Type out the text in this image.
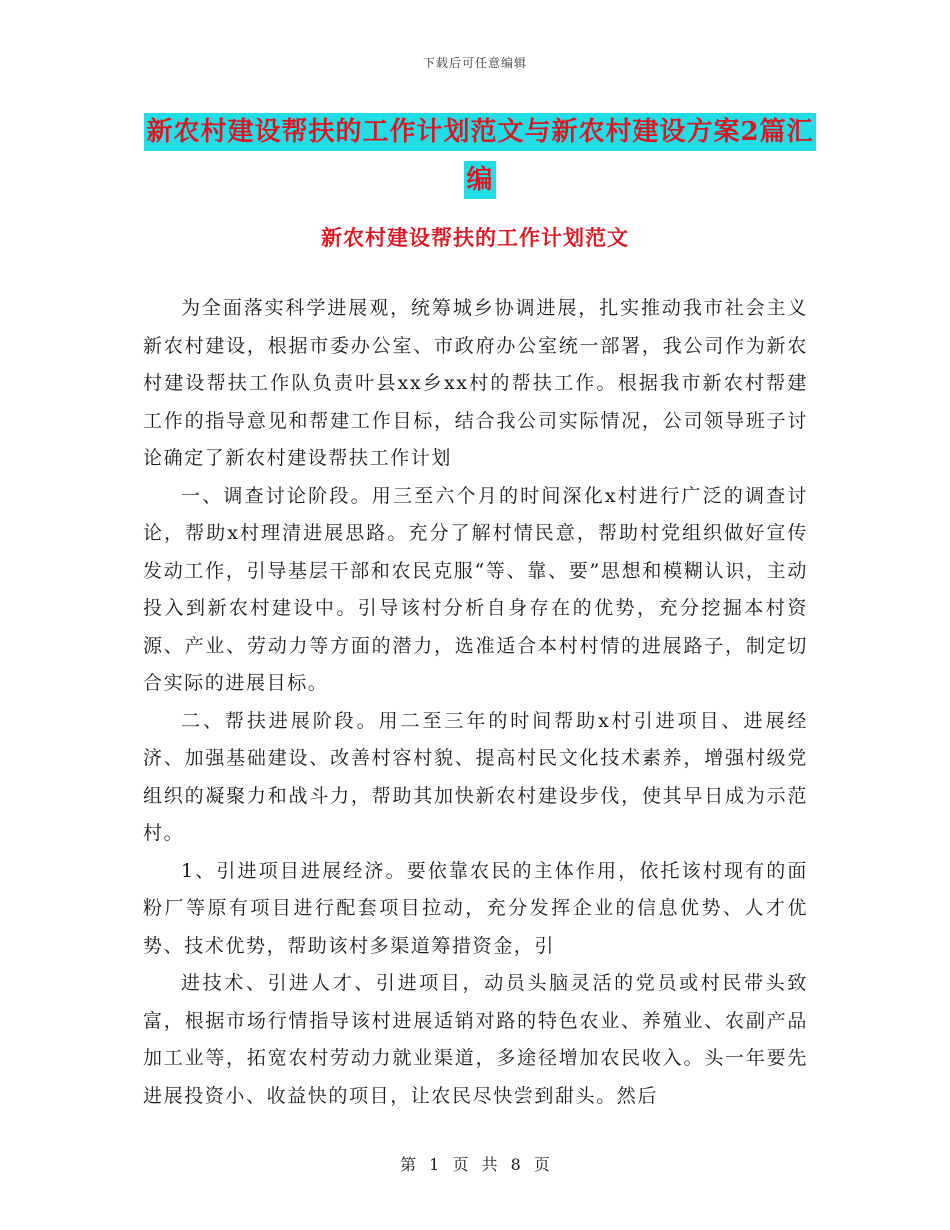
下载后可任意编辑
新农村建设帮扶的工作计划范文与新农村建设方案2篇汇编
新农村建设帮扶的工作计划范文

为全面落实科学进展观，统筹城乡协调进展，扎实推动我市社会主义新农村建设，根据市委办公室、市政府办公室统一部署，我公司作为新农村建设帮扶工作队负责叶县xx乡xx村的帮扶工作。根据我市新农村帮建工作的指导意见和帮建工作目标，结合我公司实际情况，公司领导班子讨论确定了新农村建设帮扶工作计划

一、调查讨论阶段。用三至六个月的时间深化x村进行广泛的调查讨论，帮助x村理清进展思路。充分了解村情民意，帮助村党组织做好宣传发动工作，引导基层干部和农民克服“等、靠、要”思想和模糊认识，主动投入到新农村建设中。引导该村分析自身存在的优势，充分挖掘本村资源、产业、劳动力等方面的潜力，选准适合本村村情的进展路子，制定切合实际的进展目标。

二、帮扶进展阶段。用二至三年的时间帮助x村引进项目、进展经济、加强基础建设、改善村容村貌、提高村民文化技术素养，增强村级党组织的凝聚力和战斗力，帮助其加快新农村建设步伐，使其早日成为示范村。

1、引进项目进展经济。要依靠农民的主体作用，依托该村现有的面粉厂等原有项目进行配套项目拉动，充分发挥企业的信息优势、人才优势、技术优势，帮助该村多渠道筹措资金，引

进技术、引进人才、引进项目，动员头脑灵活的党员或村民带头致富，根据市场行情指导该村进展适销对路的特色农业、养殖业、农副产品加工业等，拓宽农村劳动力就业渠道，多途径增加农民收入。头一年要先进展投资小、收益快的项目，让农民尽快尝到甜头。然后

第 1 页 共 8 页
